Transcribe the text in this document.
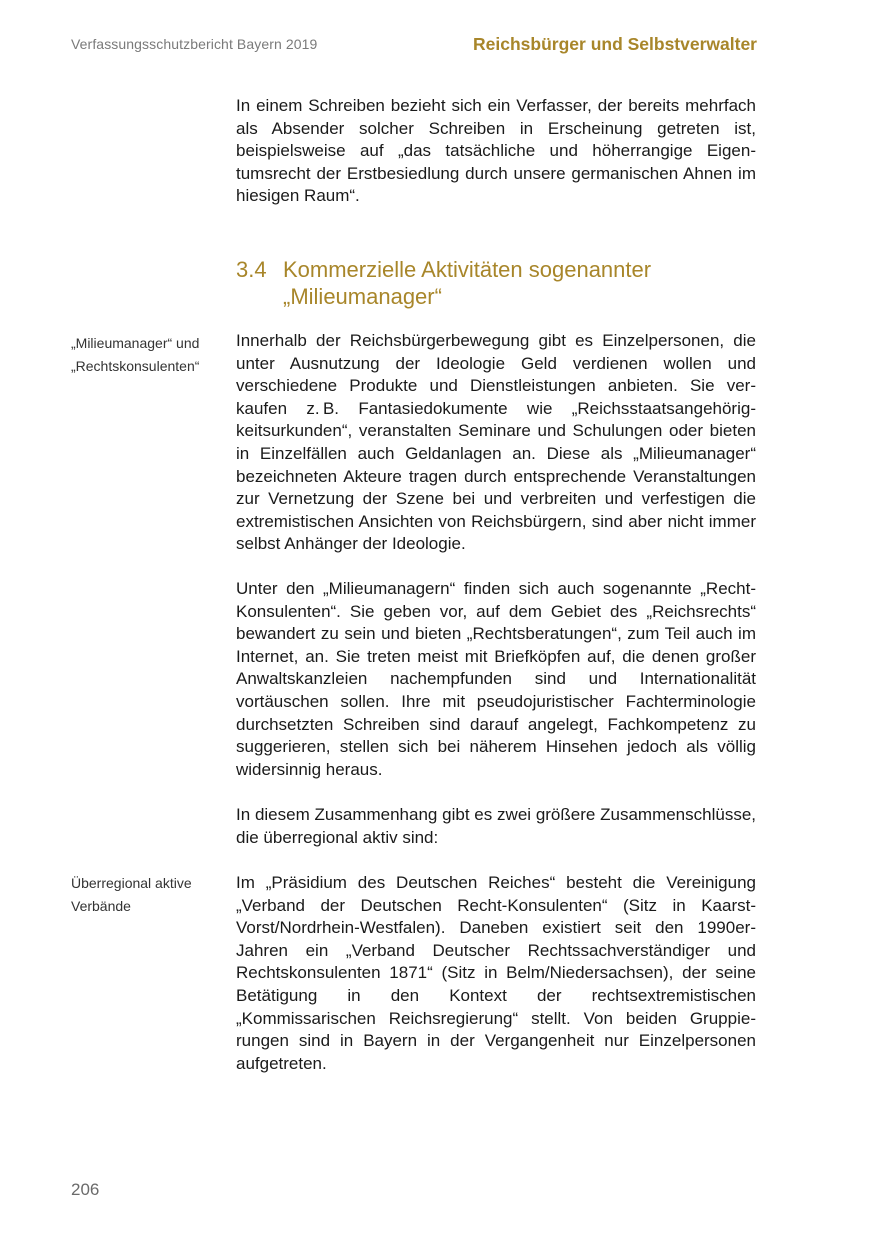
Verfassungsschutzbericht Bayern 2019	Reichsbürger und Selbstverwalter

In einem Schreiben bezieht sich ein Verfasser, der bereits mehrfach als Absender solcher Schreiben in Erscheinung getreten ist, beispielsweise auf „das tatsächliche und höherrangige Eigentumsrecht der Erstbesiedlung durch unsere germanischen Ahnen im hiesigen Raum“.

3.4 Kommerzielle Aktivitäten sogenannter
„Milieumanager“
„Milieumanager“ und „Rechtskonsulenten“

Innerhalb der Reichsbürgerbewegung gibt es Einzelpersonen, die unter Ausnutzung der Ideologie Geld verdienen wollen und verschiedene Produkte und Dienstleistungen anbieten. Sie verkaufen z. B. Fantasiedokumente wie „Reichsstaatsangehörigkeitsurkunden“, veranstalten Seminare und Schulungen oder bieten in Einzelfällen auch Geldanlagen an. Diese als „Milieumanager“ bezeichneten Akteure tragen durch entsprechende Veranstaltungen zur Vernetzung der Szene bei und verbreiten und verfestigen die extremistischen Ansichten von Reichsbürgern, sind aber nicht immer selbst Anhänger der Ideologie.

Unter den „Milieumanagern“ finden sich auch sogenannte „Recht-Konsulenten“. Sie geben vor, auf dem Gebiet des „Reichsrechts“ bewandert zu sein und bieten „Rechtsberatungen“, zum Teil auch im Internet, an. Sie treten meist mit Briefköpfen auf, die denen großer Anwaltskanzleien nachempfunden sind und Internationalität vortäuschen sollen. Ihre mit pseudojuristischer Fachterminologie durchsetzten Schreiben sind darauf angelegt, Fachkompetenz zu suggerieren, stellen sich bei näherem Hinsehen jedoch als völlig widersinnig heraus.

In diesem Zusammenhang gibt es zwei größere Zusammenschlüsse, die überregional aktiv sind:

Überregional aktive Verbände

Im „Präsidium des Deutschen Reiches“ besteht die Vereinigung „Verband der Deutschen Recht-Konsulenten“ (Sitz in Kaarst-Vorst/Nordrhein-Westfalen). Daneben existiert seit den 1990er-Jahren ein „Verband Deutscher Rechtssachverständiger und Rechtskonsulenten 1871“ (Sitz in Belm/Niedersachsen), der seine Betätigung in den Kontext der rechtsextremistischen „Kommissarischen Reichsregierung“ stellt. Von beiden Gruppierungen sind in Bayern in der Vergangenheit nur Einzelpersonen aufgetreten.

206
